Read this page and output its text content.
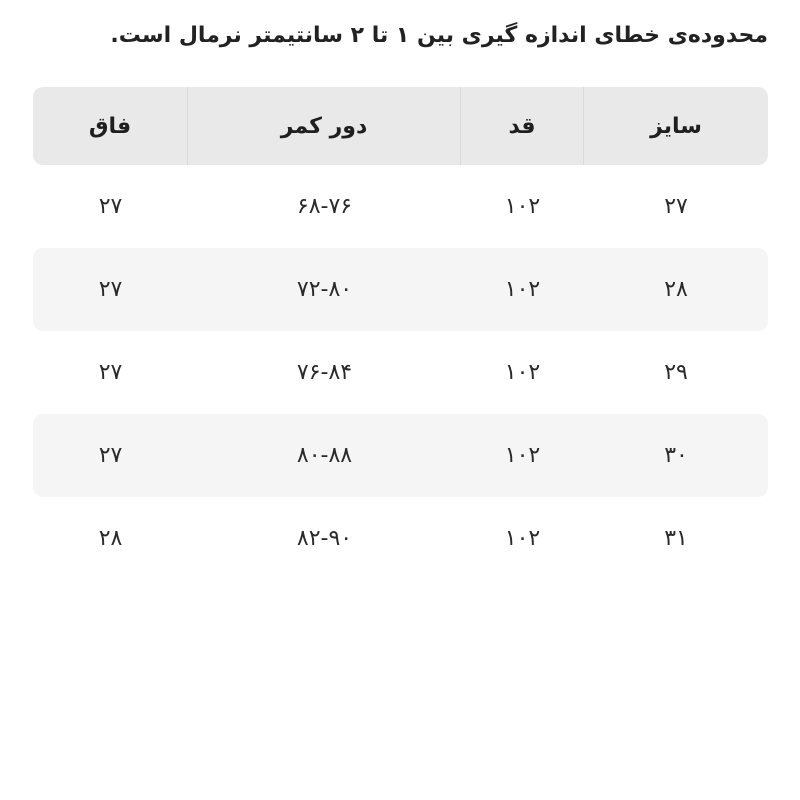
محدوده‌ی خطای اندازه گیری بین ۱ تا ۲ سانتیمتر نرمال است.
سایز
قد
دور کمر
فاق
۲۷
۱۰۲
۶۸-۷۶
۲۷
۲۸
۱۰۲
۷۲-۸۰
۲۷
۲۹
۱۰۲
۷۶-۸۴
۲۷
۳۰
۱۰۲
۸۰-۸۸
۲۷
۳۱
۱۰۲
۸۲-۹۰
۲۸
